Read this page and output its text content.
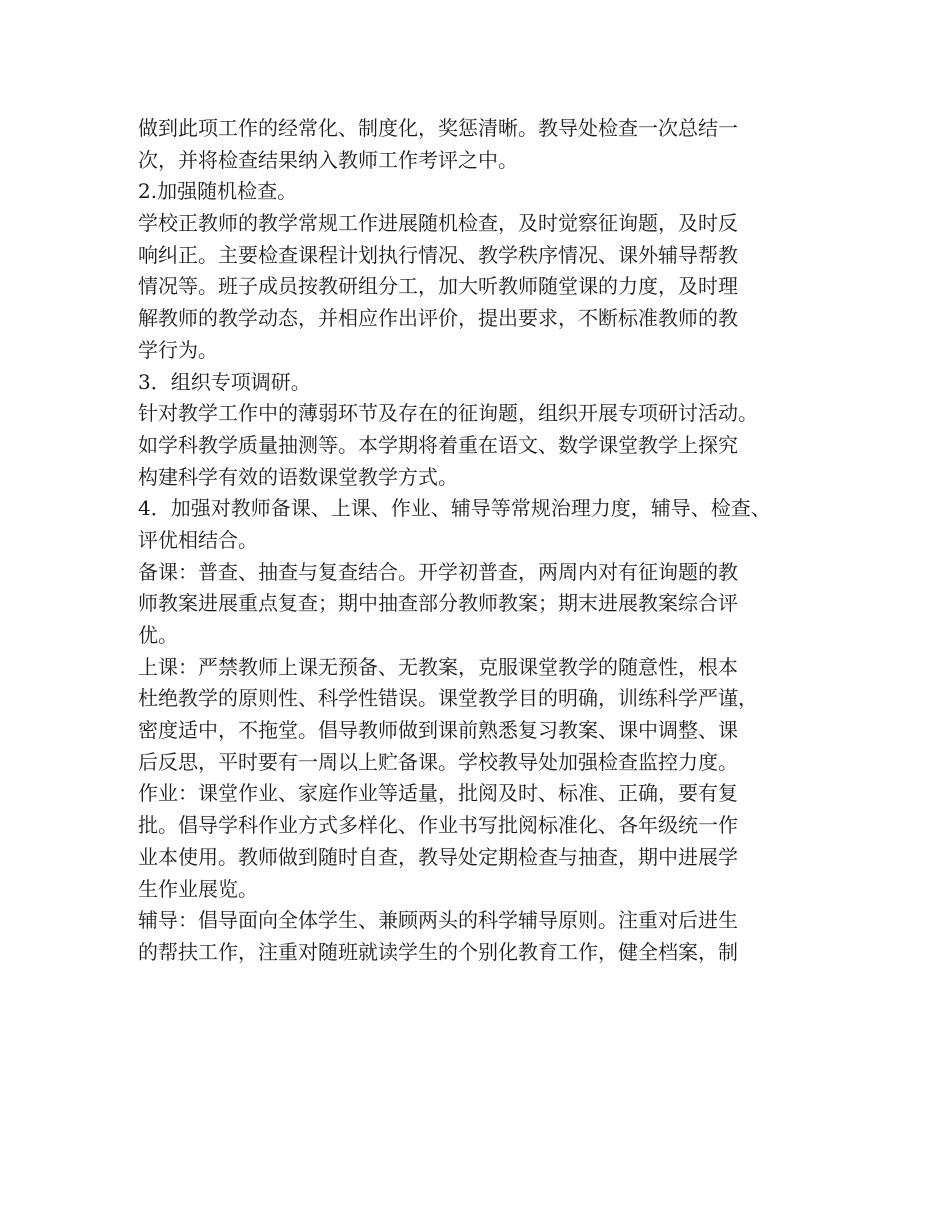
做到此项工作的经常化、制度化，奖惩清晰。教导处检查一次总结一
次，并将检查结果纳入教师工作考评之中。
2.加强随机检查。
学校正教师的教学常规工作进展随机检查，及时觉察征询题，及时反
响纠正。主要检查课程计划执行情况、教学秩序情况、课外辅导帮教
情况等。班子成员按教研组分工，加大听教师随堂课的力度，及时理
解教师的教学动态，并相应作出评价，提出要求，不断标准教师的教
学行为。
3．组织专项调研。
针对教学工作中的薄弱环节及存在的征询题，组织开展专项研讨活动。
如学科教学质量抽测等。本学期将着重在语文、数学课堂教学上探究
构建科学有效的语数课堂教学方式。
4．加强对教师备课、上课、作业、辅导等常规治理力度，辅导、检查、
评优相结合。
备课：普查、抽查与复查结合。开学初普查，两周内对有征询题的教
师教案进展重点复查；期中抽查部分教师教案；期末进展教案综合评
优。
上课：严禁教师上课无预备、无教案，克服课堂教学的随意性，根本
杜绝教学的原则性、科学性错误。课堂教学目的明确，训练科学严谨，
密度适中，不拖堂。倡导教师做到课前熟悉复习教案、课中调整、课
后反思，平时要有一周以上贮备课。学校教导处加强检查监控力度。
作业：课堂作业、家庭作业等适量，批阅及时、标准、正确，要有复
批。倡导学科作业方式多样化、作业书写批阅标准化、各年级统一作
业本使用。教师做到随时自查，教导处定期检查与抽查，期中进展学
生作业展览。
辅导：倡导面向全体学生、兼顾两头的科学辅导原则。注重对后进生
的帮扶工作，注重对随班就读学生的个别化教育工作，健全档案，制
